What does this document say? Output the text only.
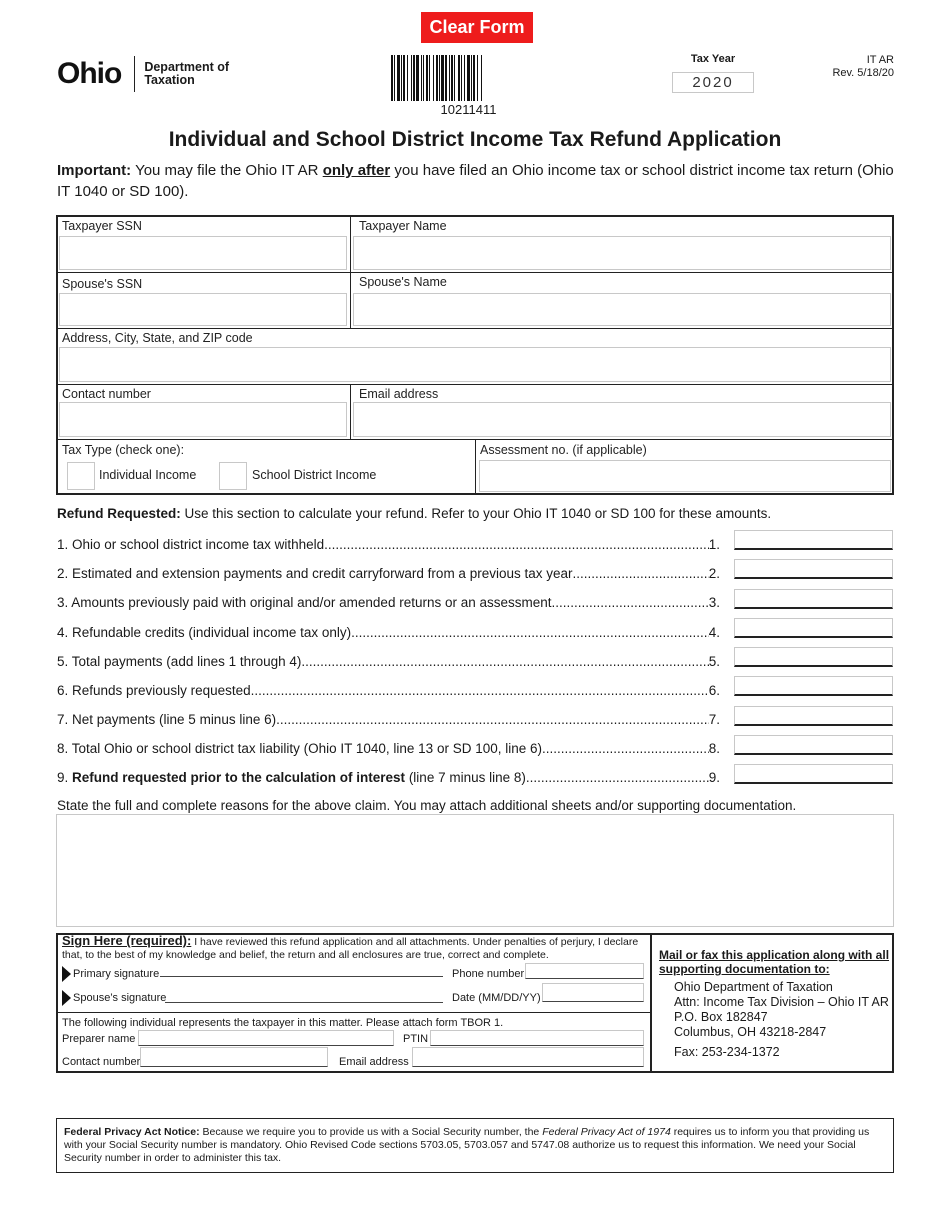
Clear Form
Ohio Department of
Taxation
10211411
Tax Year
2020
IT AR
Rev. 5/18/20
Individual and School District Income Tax Refund Application
Important: You may file the Ohio IT AR only after you have filed an Ohio income tax or school district income tax return (Ohio IT 1040 or SD 100).
Taxpayer SSN	Taxpayer Name
Spouse's SSN	Spouse's Name
Address, City, State, and ZIP code
Contact number	Email address
Tax Type (check one):
Individual Income	School District Income
Assessment no. (if applicable)
Refund Requested: Use this section to calculate your refund. Refer to your Ohio IT 1040 or SD 100 for these amounts.
1. Ohio or school district income tax withheld .....	1.
2. Estimated and extension payments and credit carryforward from a previous tax year .....	2.
3. Amounts previously paid with original and/or amended returns or an assessment .....	3.
4. Refundable credits (individual income tax only) .....	4.
5. Total payments (add lines 1 through 4) .....	5.
6. Refunds previously requested .....	6.
7. Net payments (line 5 minus line 6) .....	7.
8. Total Ohio or school district tax liability (Ohio IT 1040, line 13 or SD 100, line 6) .....	8.
9. Refund requested prior to the calculation of interest (line 7 minus line 8) .....	9.
State the full and complete reasons for the above claim. You may attach additional sheets and/or supporting documentation.
Sign Here (required): I have reviewed this refund application and all attachments. Under penalties of perjury, I declare
that, to the best of my knowledge and belief, the return and all enclosures are true, correct and complete.
Primary signature	Phone number
Spouse’s signature	Date (MM/DD/YY)
The following individual represents the taxpayer in this matter. Please attach form TBOR 1.
Preparer name	PTIN
Contact number	Email address
Mail or fax this application along with all
supporting documentation to:
Ohio Department of Taxation
Attn: Income Tax Division – Ohio IT AR
P.O. Box 182847
Columbus, OH 43218-2847
Fax: 253-234-1372
Federal Privacy Act Notice: Because we require you to provide us with a Social Security number, the Federal Privacy Act of 1974 requires us to inform you that providing us with your Social Security number is mandatory. Ohio Revised Code sections 5703.05, 5703.057 and 5747.08 authorize us to request this information. We need your Social Security number in order to administer this tax.
